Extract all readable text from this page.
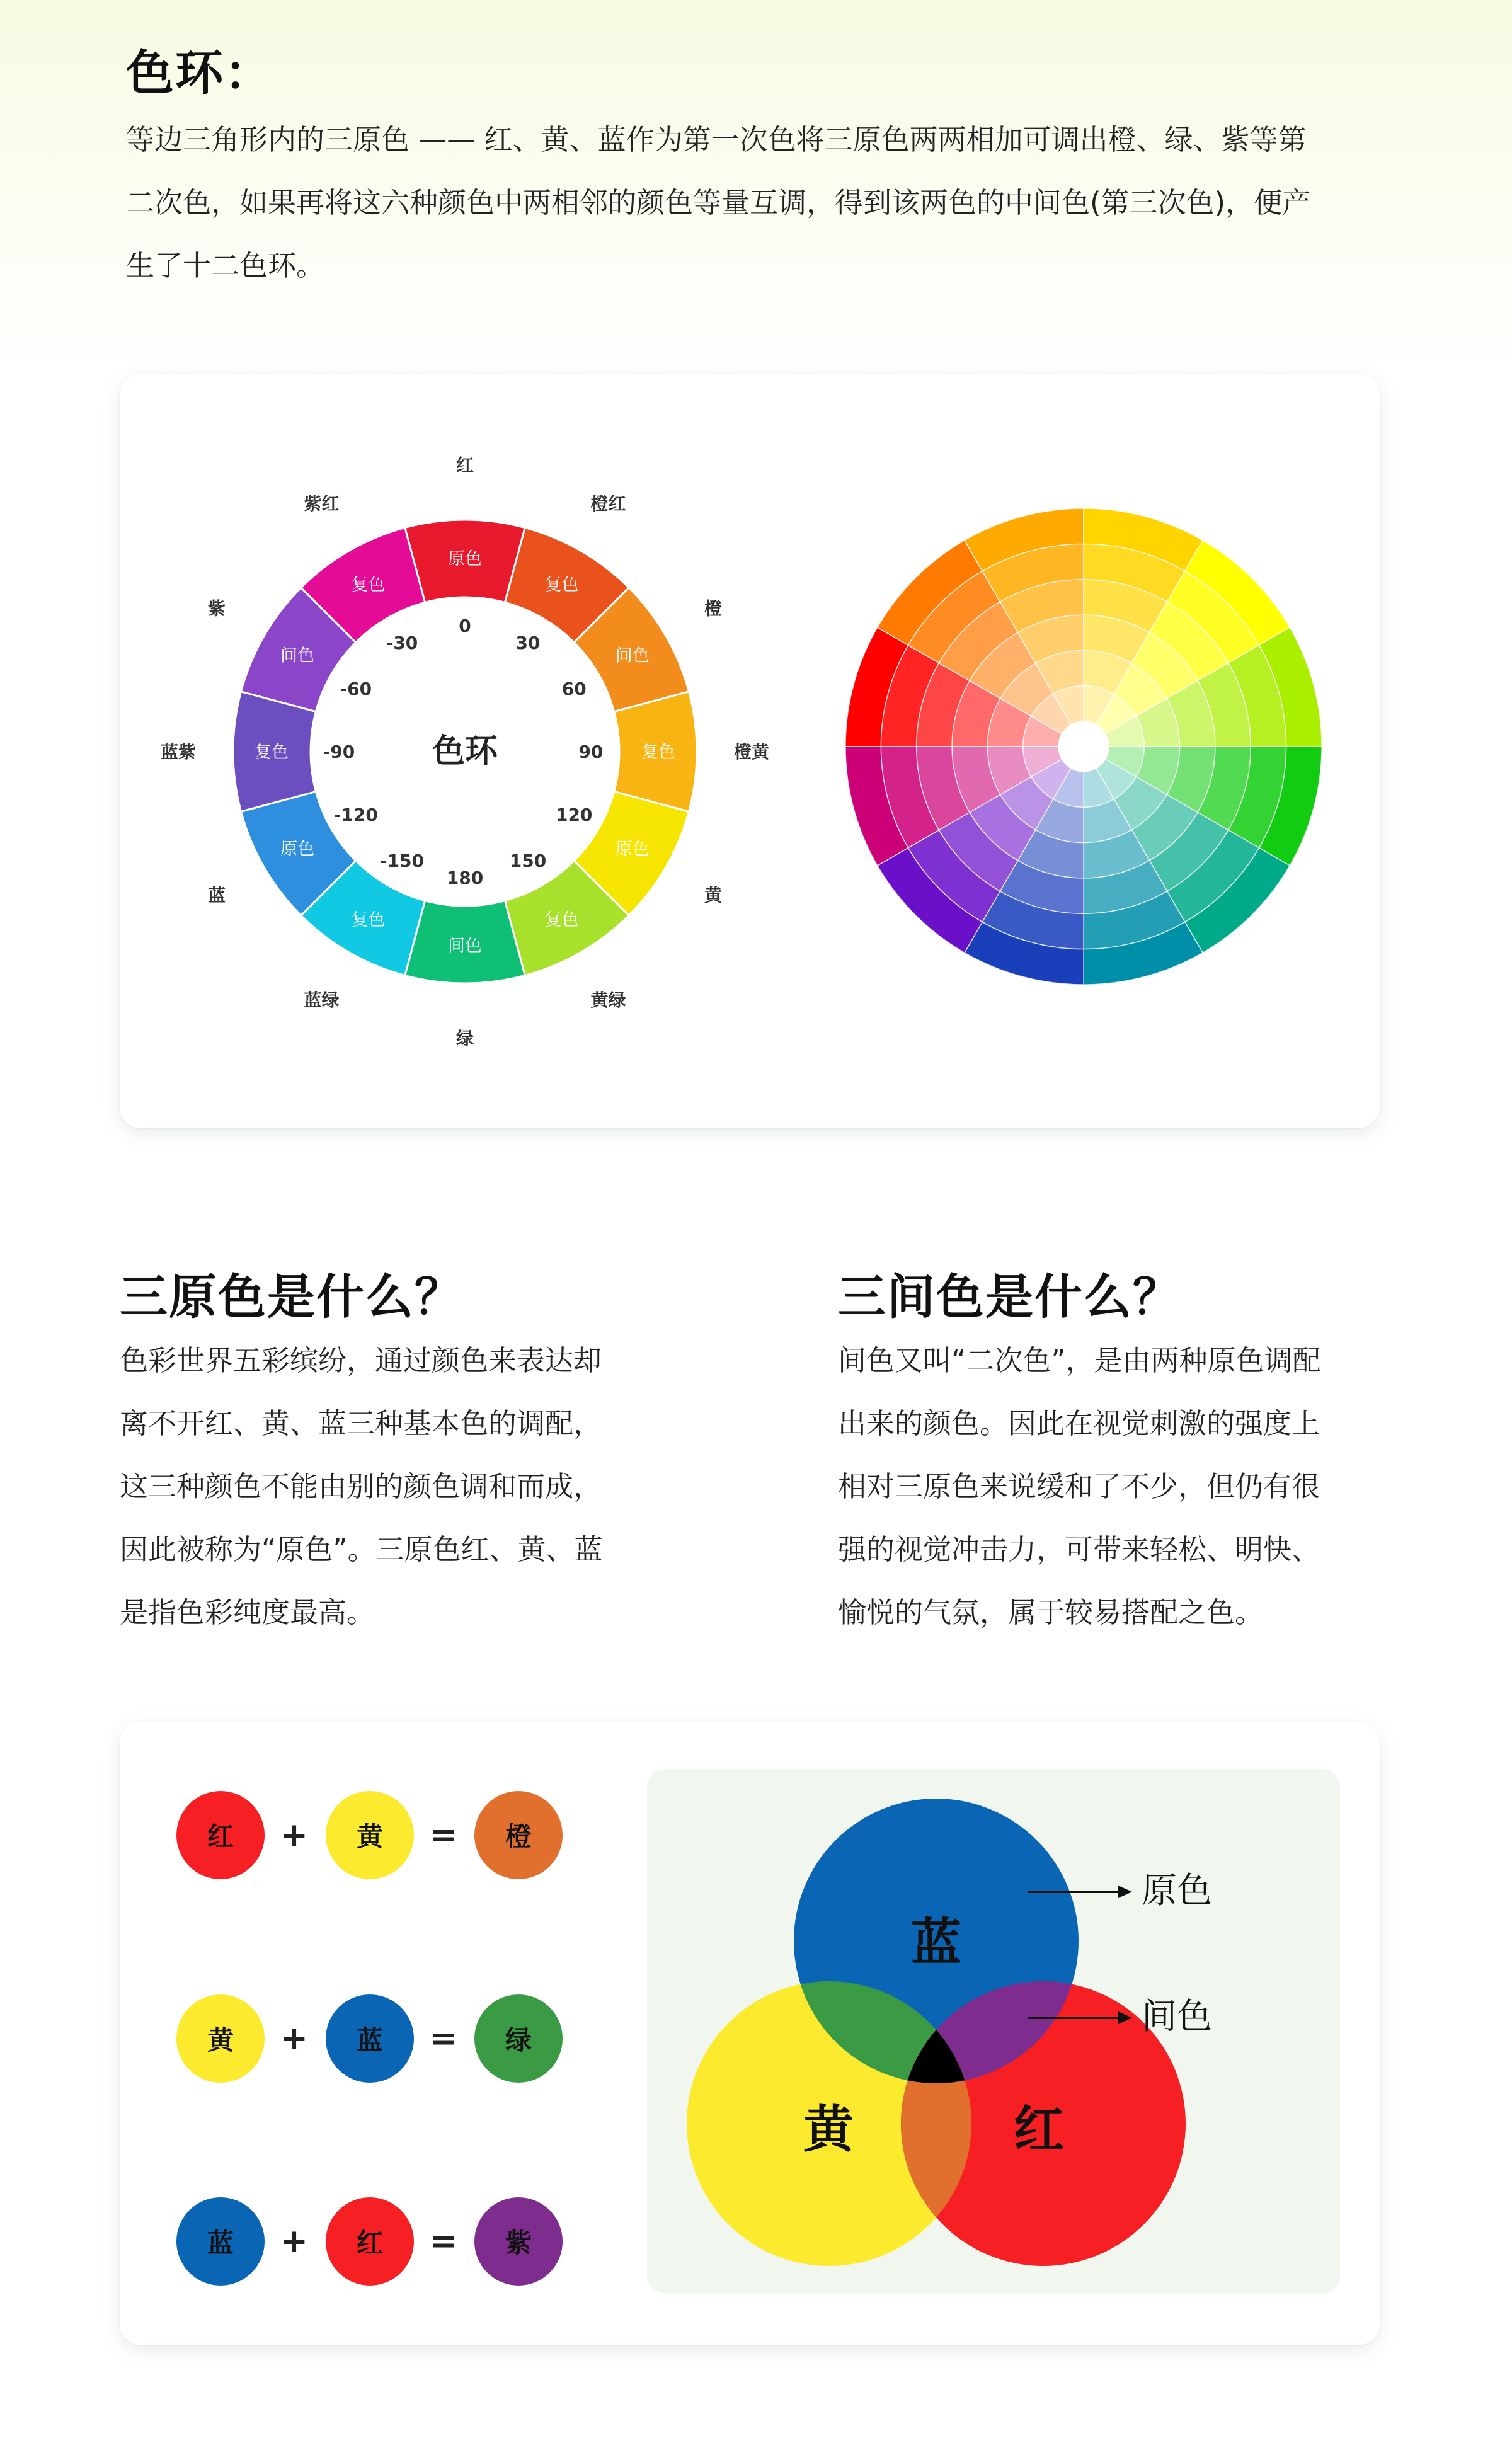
色环：

等边三角形内的三原色 —— 红、黄、蓝作为第一次色将三原色两两相加可调出橙、绿、紫等第

二次色，如果再将这六种颜色中两相邻的颜色等量互调，得到该两色的中间色(第三次色)，便产

生了十二色环。

原色
复色
间色
复色
原色
复色
间色
复色
原色
复色
间色
复色
0
30
60
90
120
150
180
-150
-120
-90
-60
-30
红
橙红
橙
橙黄
黄
黄绿
绿
蓝绿
蓝
蓝紫
紫
紫红
色环
三原色是什么？

色彩世界五彩缤纷，通过颜色来表达却

离不开红、黄、蓝三种基本色的调配，

这三种颜色不能由别的颜色调和而成，

因此被称为“原色”。三原色红、黄、蓝

是指色彩纯度最高。

三间色是什么？

间色又叫“二次色”，是由两种原色调配

出来的颜色。因此在视觉刺激的强度上

相对三原色来说缓和了不少，但仍有很

强的视觉冲击力，可带来轻松、明快、

愉悦的气氛，属于较易搭配之色。

红	+	黄	=	橙
黄	+	蓝	=	绿
蓝	+	红	=	紫
蓝
黄	红
原色
间色
